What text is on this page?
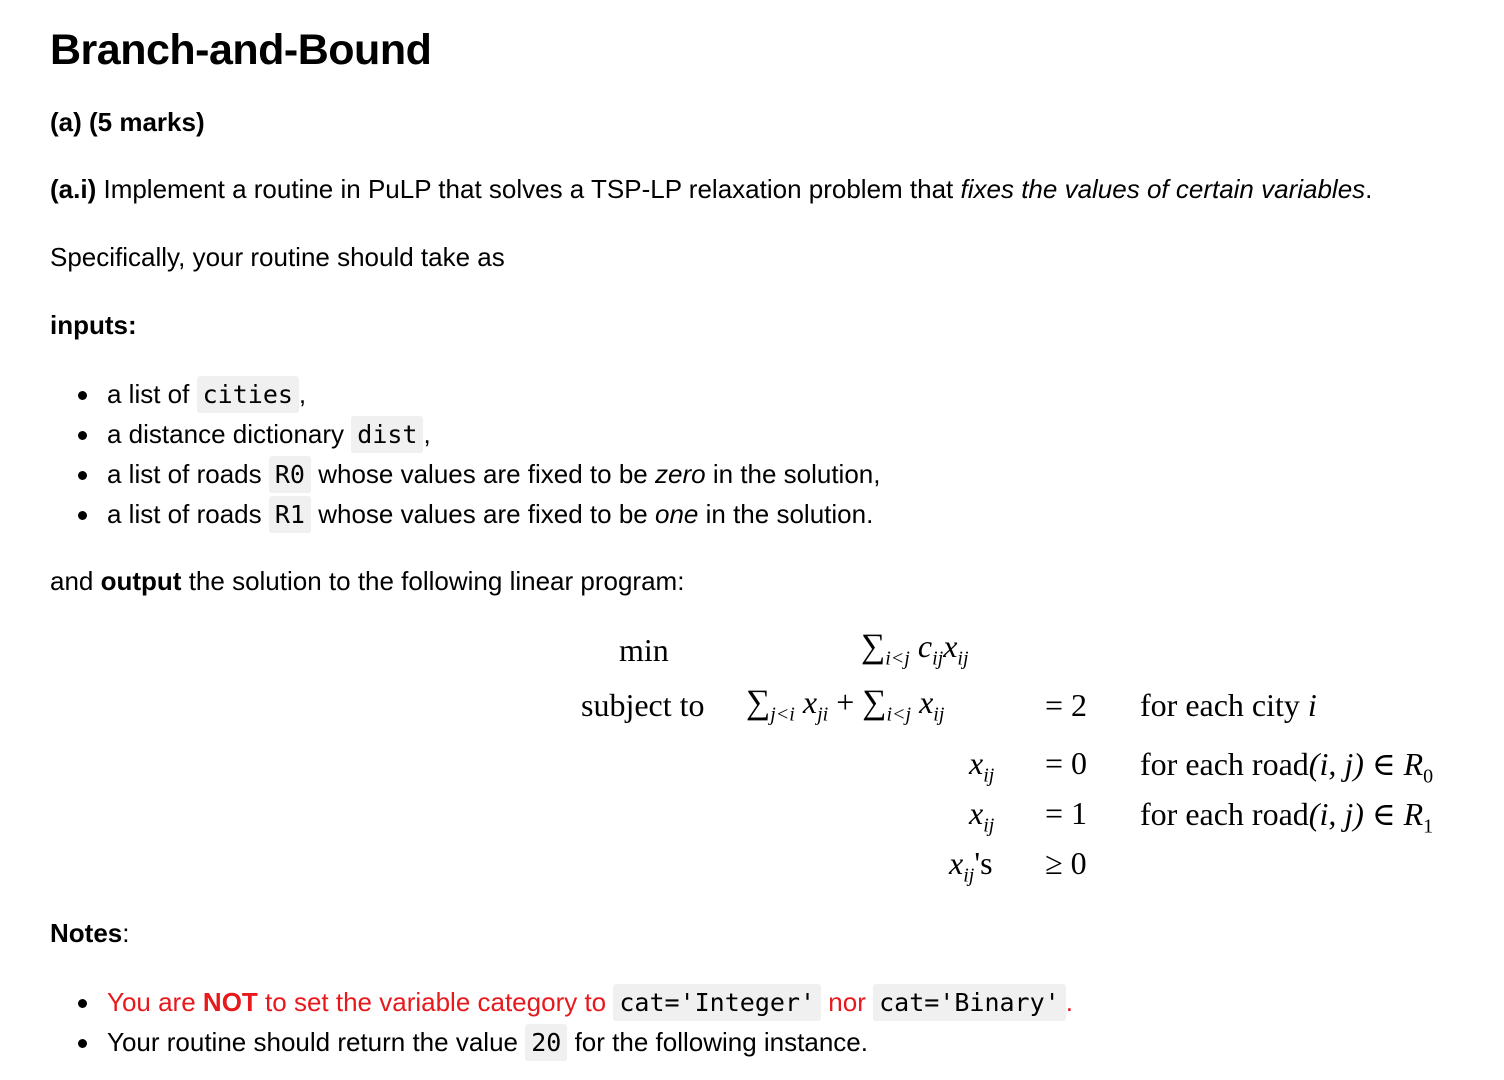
Branch-and-Bound
(a) (5 marks)
(a.i) Implement a routine in PuLP that solves a TSP-LP relaxation problem that fixes the values of certain variables.
Specifically, your routine should take as
inputs:
a list of cities ,
a distance dictionary dist ,
a list of roads R0 whose values are fixed to be zero in the solution,
a list of roads R1 whose values are fixed to be one in the solution.
and output the solution to the following linear program:
min	$\sum_{i<j}$ $c_{ij}x_{ij}$
subject to $\sum_{j<i}$ $x_{ji} + \sum_{i<j}$ $x_{ij}$	= 2 for each city i
$x_{ij} = 0$ for each road(i, j) ∈ $R_0$
$x_{ij} = 1$ for each road(i, j) ∈ $R_1$
$x_{ij}'s \ge 0$
Notes:
You are NOT to set the variable category to cat='Integer' nor cat='Binary' .
Your routine should return the value 20 for the following instance.
